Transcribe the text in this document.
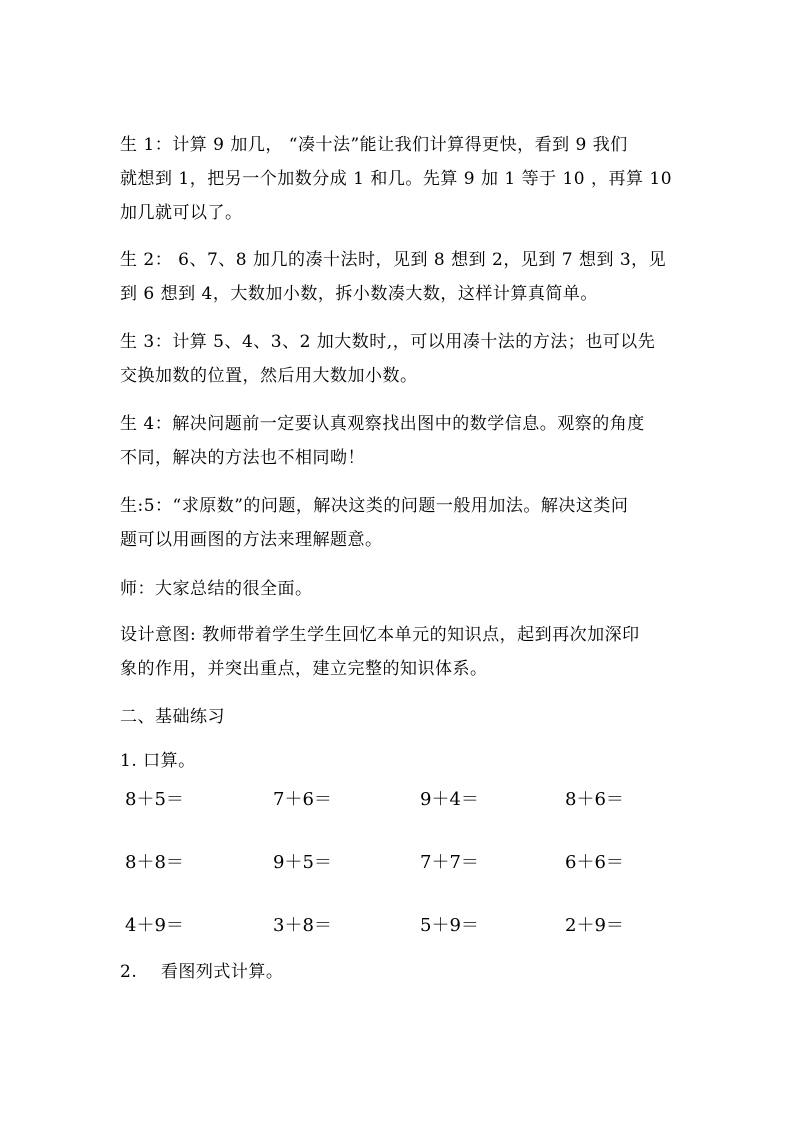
生 1：计算 9 加几， “凑十法”能让我们计算得更快，看到 9 我们
就想到 1，把另一个加数分成 1 和几。先算 9 加 1 等于 10 ，再算 10
加几就可以了。
生 2： 6、7、8 加几的凑十法时，见到 8 想到 2，见到 7 想到 3，见
到 6 想到 4，大数加小数，拆小数凑大数，这样计算真简单。
生 3：计算 5、4、3、2 加大数时,，可以用凑十法的方法；也可以先
交换加数的位置，然后用大数加小数。
生 4：解决问题前一定要认真观察找出图中的数学信息。观察的角度
不同，解决的方法也不相同呦！
生:5：“求原数”的问题，解决这类的问题一般用加法。解决这类问
题可以用画图的方法来理解题意。
师：大家总结的很全面。
设计意图: 教师带着学生学生回忆本单元的知识点，起到再次加深印
象的作用，并突出重点，建立完整的知识体系。
二、基础练习
1. 口算。
8＋5＝	7＋6＝	9＋4＝	8＋6＝
8＋8＝	9＋5＝	7＋7＝	6＋6＝
4＋9＝	3＋8＝	5＋9＝	2＋9＝
2.    看图列式计算。
